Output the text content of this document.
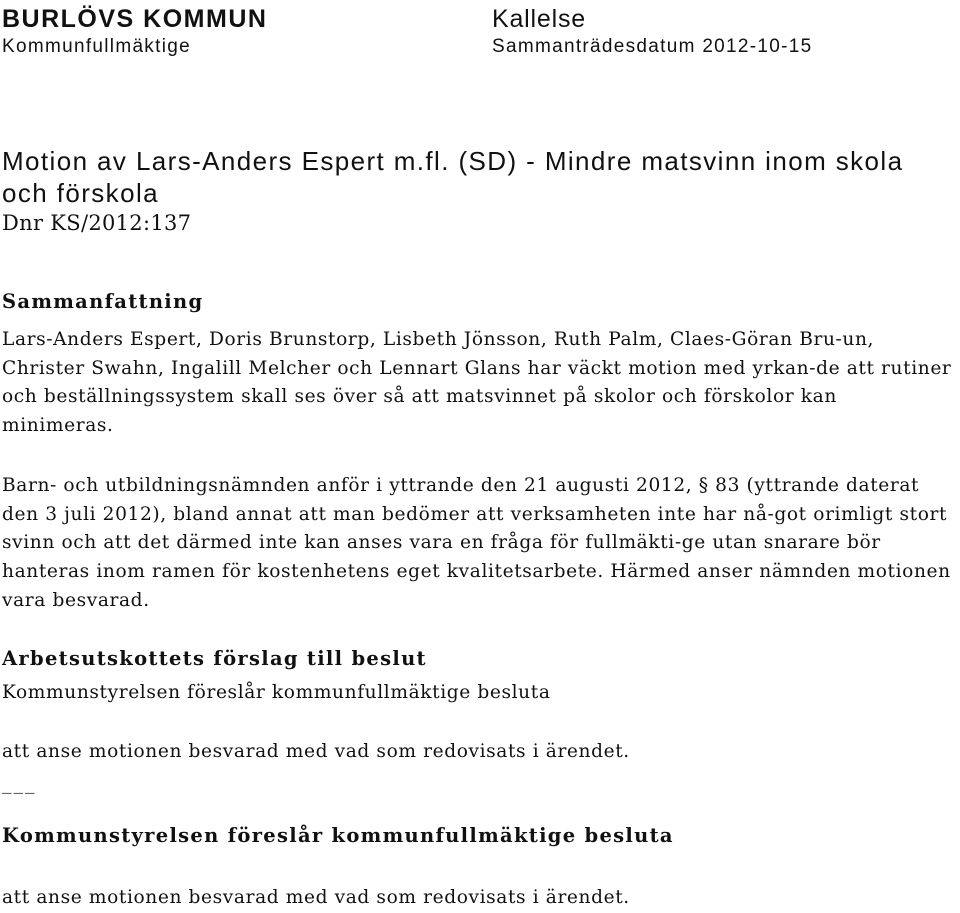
BURLÖVS KOMMUN

Kommunfullmäktige

Kallelse

Sammanträdesdatum 2012-10-15

Motion av Lars-Anders Espert m.fl. (SD) - Mindre matsvinn inom skola och förskola

Dnr KS/2012:137

Sammanfattning

Lars-Anders Espert, Doris Brunstorp, Lisbeth Jönsson, Ruth Palm, Claes-Göran Bru-un, Christer Swahn, Ingalill Melcher och Lennart Glans har väckt motion med yrkan-de att rutiner och beställningssystem skall ses över så att matsvinnet på skolor och förskolor kan minimeras.

Barn- och utbildningsnämnden anför i yttrande den 21 augusti 2012, § 83 (yttrande daterat den 3 juli 2012), bland annat att man bedömer att verksamheten inte har nå-got orimligt stort svinn och att det därmed inte kan anses vara en fråga för fullmäkti-ge utan snarare bör hanteras inom ramen för kostenhetens eget kvalitetsarbete. Härmed anser nämnden motionen vara besvarad.

Arbetsutskottets förslag till beslut

Kommunstyrelsen föreslår kommunfullmäktige besluta

att anse motionen besvarad med vad som redovisats i ärendet.

___

Kommunstyrelsen föreslår kommunfullmäktige besluta

att anse motionen besvarad med vad som redovisats i ärendet.
